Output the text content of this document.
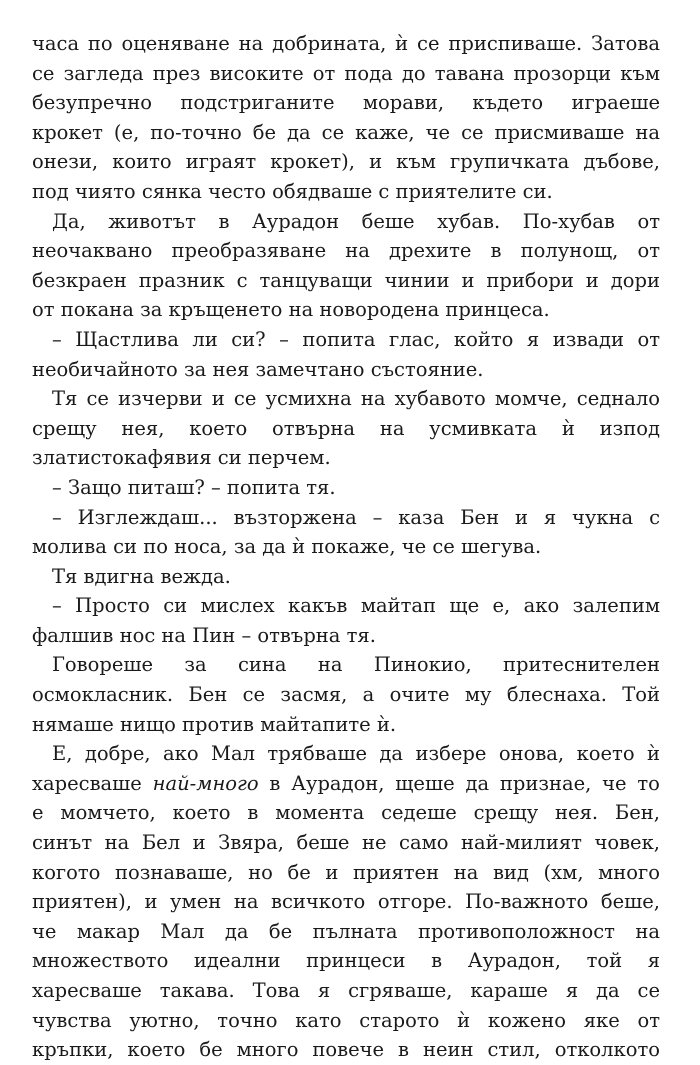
часа по оценяване на добрината, ѝ се приспиваше. Затова
се загледа през високите от пода до тавана прозорци към
безупречно подстриганите морави, където играеше
крокет (е, по-точно бе да се каже, че се присмиваше на
онези, които играят крокет), и към групичката дъбове,
под чиято сянка често обядваше с приятелите си.
Да, животът в Аурадон беше хубав. По-хубав от
неочаквано преобразяване на дрехите в полунощ, от
безкраен празник с танцуващи чинии и прибори и дори
от покана за кръщенето на новородена принцеса.
– Щастлива ли си? – попита глас, който я извади от
необичайното за нея замечтано състояние.
Тя се изчерви и се усмихна на хубавото момче, седнало
срещу нея, което отвърна на усмивката ѝ изпод
златистокафявия си перчем.
– Защо питаш? – попита тя.
– Изглеждаш... възторжена – каза Бен и я чукна с
молива си по носа, за да ѝ покаже, че се шегува.
Тя вдигна вежда.
– Просто си мислех какъв майтап ще е, ако залепим
фалшив нос на Пин – отвърна тя.
Говореше за сина на Пинокио, притеснителен
осмокласник. Бен се засмя, а очите му блеснаха. Той
нямаше нищо против майтапите ѝ.
Е, добре, ако Мал трябваше да избере онова, което ѝ
харесваше най-много в Аурадон, щеше да признае, че то
е момчето, което в момента седеше срещу нея. Бен,
синът на Бел и Звяра, беше не само най-милият човек,
когото познаваше, но бе и приятен на вид (хм, много
приятен), и умен на всичкото отгоре. По-важното беше,
че макар Мал да бе пълната противоположност на
множеството идеални принцеси в Аурадон, той я
харесваше такава. Това я сгряваше, караше я да се
чувства уютно, точно като старото ѝ кожено яке от
кръпки, което бе много повече в неин стил, отколкото
